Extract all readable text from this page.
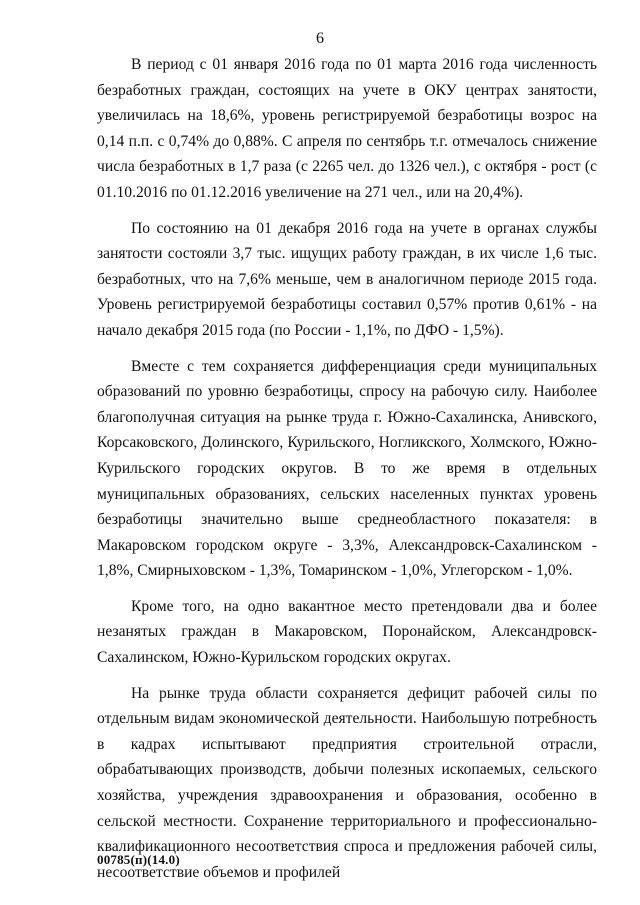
6

В период с 01 января 2016 года по 01 марта 2016 года численность безработных граждан, состоящих на учете в ОКУ центрах занятости, увеличилась на 18,6%, уровень регистрируемой безработицы возрос на 0,14 п.п. с 0,74% до 0,88%. С апреля по сентябрь т.г. отмечалось снижение числа безработных в 1,7 раза (с 2265 чел. до 1326 чел.), с октября - рост (с 01.10.2016 по 01.12.2016 увеличение на 271 чел., или на 20,4%).

По состоянию на 01 декабря 2016 года на учете в органах службы занятости состояли 3,7 тыс. ищущих работу граждан, в их числе 1,6 тыс. безработных, что на 7,6% меньше, чем в аналогичном периоде 2015 года. Уровень регистрируемой безработицы составил 0,57% против 0,61% - на начало декабря 2015 года (по России - 1,1%, по ДФО - 1,5%).

Вместе с тем сохраняется дифференциация среди муниципальных образований по уровню безработицы, спросу на рабочую силу. Наиболее благополучная ситуация на рынке труда г. Южно-Сахалинска, Анивского, Корсаковского, Долинского, Курильского, Ногликского, Холмского, Южно-Курильского городских округов. В то же время в отдельных муниципальных образованиях, сельских населенных пунктах уровень безработицы значительно выше среднеобластного показателя: в Макаровском городском округе - 3,3%, Александровск-Сахалинском - 1,8%, Смирныховском - 1,3%, Томаринском - 1,0%, Углегорском - 1,0%.

Кроме того, на одно вакантное место претендовали два и более незанятых граждан в Макаровском, Поронайском, Александровск-Сахалинском, Южно-Курильском городских округах.

На рынке труда области сохраняется дефицит рабочей силы по отдельным видам экономической деятельности. Наибольшую потребность в кадрах испытывают предприятия строительной отрасли, обрабатывающих производств, добычи полезных ископаемых, сельского хозяйства, учреждения здравоохранения и образования, особенно в сельской местности. Сохранение территориального и профессионально-квалификационного несоответствия спроса и предложения рабочей силы, несоответствие объемов и профилей

00785(п)(14.0)
